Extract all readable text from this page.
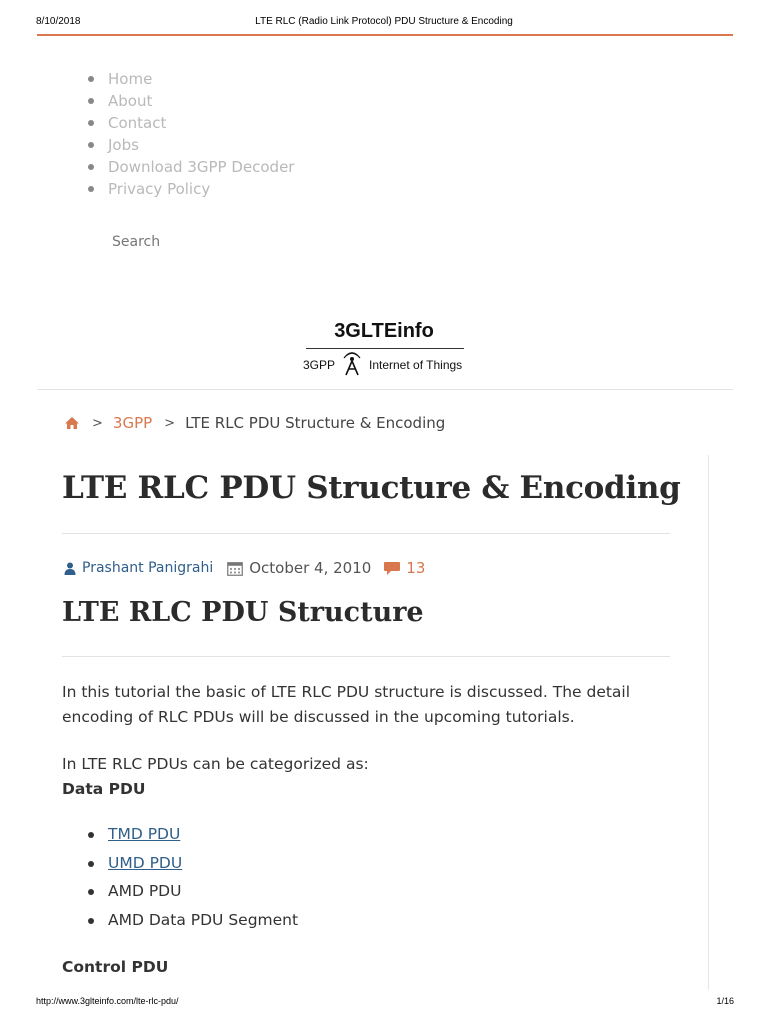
8/10/2018	LTE RLC (Radio Link Protocol) PDU Structure & Encoding
Home
About
Contact
Jobs
Download 3GPP Decoder
Privacy Policy
Search
3GLTEinfo
3GPP	Internet of Things
> 3GPP > LTE RLC PDU Structure & Encoding
LTE RLC PDU Structure & Encoding
Prashant Panigrahi October 4, 2010 13
LTE RLC PDU Structure

In this tutorial the basic of LTE RLC PDU structure is discussed. The detail encoding of RLC PDUs will be discussed in the upcoming tutorials.

In LTE RLC PDUs can be categorized as:

Data PDU

TMD PDU
UMD PDU
AMD PDU
AMD Data PDU Segment

Control PDU

http://www.3glteinfo.com/lte-rlc-pdu/	1/16
